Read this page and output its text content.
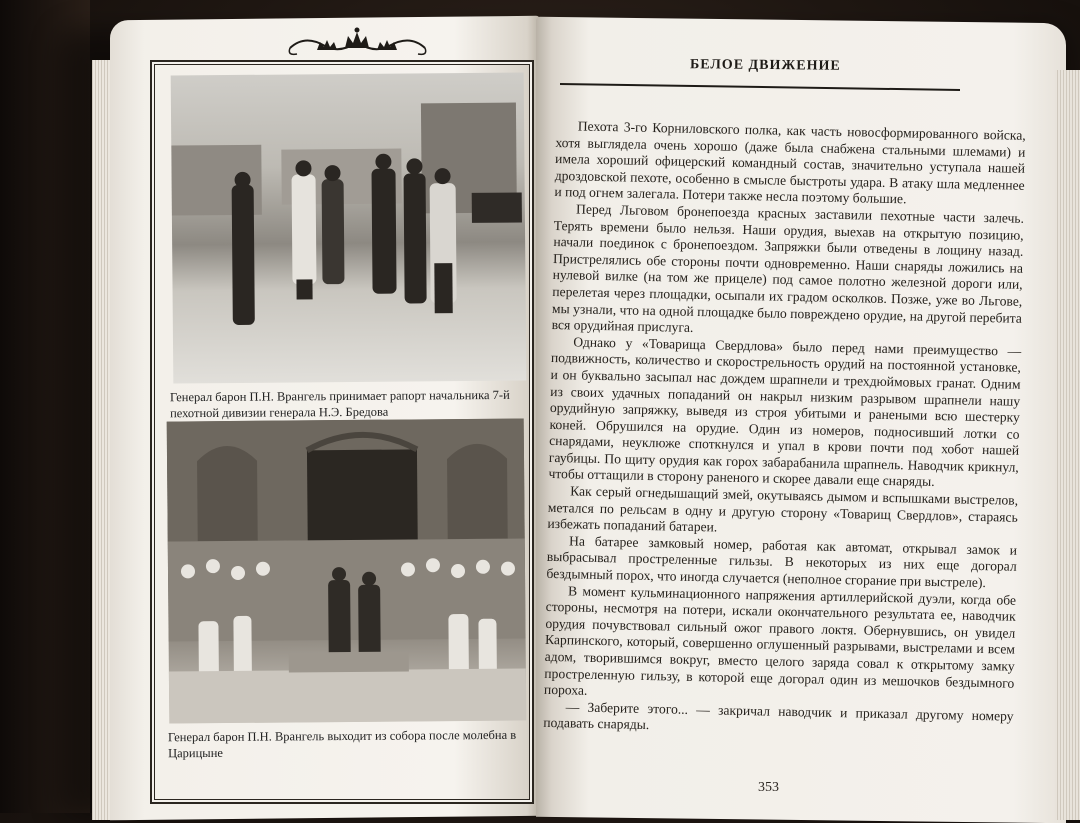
Генерал барон П.Н. Врангель принимает рапорт начальника 7-й пехотной дивизии генерала Н.Э. Бредова
Генерал барон П.Н. Врангель выходит из собора после молебна в Царицыне
БЕЛОЕ ДВИЖЕНИЕ

Пехота 3-го Корниловского полка, как часть новосформированного войска, хотя выглядела очень хорошо (даже была снабжена стальными шлемами) и имела хороший офицерский командный состав, значительно уступала нашей дроздовской пехоте, особенно в смысле быстроты удара. В атаку шла медленнее и под огнем залегала. Потери также несла поэтому большие.

Перед Льговом бронепоезда красных заставили пехотные части залечь. Терять времени было нельзя. Наши орудия, выехав на открытую позицию, начали поединок с бронепоездом. Запряжки были отведены в лощину назад. Пристрелялись обе стороны почти одновременно. Наши снаряды ложились на нулевой вилке (на том же прицеле) под самое полотно железной дороги или, перелетая через площадки, осыпали их градом осколков. Позже, уже во Льгове, мы узнали, что на одной площадке было повреждено орудие, на другой перебита вся орудийная прислуга.

Однако у «Товарища Свердлова» было перед нами преимущество — подвижность, количество и скорострельность орудий на постоянной установке, и он буквально засыпал нас дождем шрапнели и трехдюймовых гранат. Одним из своих удачных попаданий он накрыл низким разрывом шрапнели нашу орудийную запряжку, выведя из строя убитыми и ранеными всю шестерку коней. Обрушился на орудие. Один из номеров, подносивший лотки со снарядами, неуклюже споткнулся и упал в крови почти под хобот нашей гаубицы. По щиту орудия как горох забарабанила шрапнель. Наводчик крикнул, чтобы оттащили в сторону раненого и скорее давали еще снаряды.

Как серый огнедышащий змей, окутываясь дымом и вспышками выстрелов, метался по рельсам в одну и другую сторону «Товарищ Свердлов», стараясь избежать попаданий батареи.

На батарее замковый номер, работая как автомат, открывал замок и выбрасывал простреленные гильзы. В некоторых из них еще догорал бездымный порох, что иногда случается (неполное сгорание при выстреле).

В момент кульминационного напряжения артиллерийской дуэли, когда обе стороны, несмотря на потери, искали окончательного результата ее, наводчик орудия почувствовал сильный ожог правого локтя. Обернувшись, он увидел Карпинского, который, совершенно оглушенный разрывами, выстрелами и всем адом, творившимся вокруг, вместо целого заряда совал к открытому замку простреленную гильзу, в которой еще догорал один из мешочков бездымного пороха.

— Заберите этого... — закричал наводчик и приказал другому номеру подавать снаряды.

353
